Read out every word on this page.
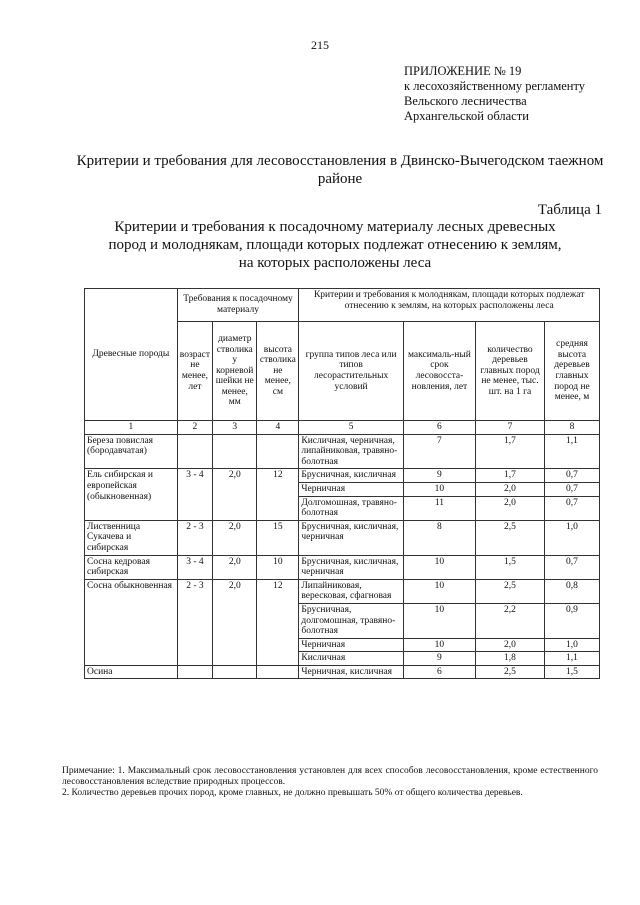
215
ПРИЛОЖЕНИЕ № 19
к лесохозяйственному регламенту
Вельского лесничества
Архангельской области
Критерии и требования для лесовосстановления в Двинско-Вычегодском таежном районе
Таблица 1
Критерии и требования к посадочному материалу лесных древесных пород и молоднякам, площади которых подлежат отнесению к землям, на которых расположены леса
Древесные породы	Требования к посадочному материалу			Критерии и требования к молоднякам, площади которых подлежат отнесению к землям, на которых расположены леса			
	возраст не менее, лет	диаметр стволика у корневой шейки не менее, мм	высота стволика не менее, см	группа типов леса или типов лесорастительных условий	максималь-ный срок лесовосста-новления, лет	количество деревьев главных пород не менее, тыс. шт. на 1 га	средняя высота деревьев главных пород не менее, м
1	2	3	4	5	6	7	8
Береза повислая (бородавчатая)				Кисличная, черничная, липайниковая, травяно-болотная	7	1,7	1,1
Ель сибирская и европейская (обыкновенная)	3 - 4	2,0	12	Брусничная, кисличная	9	1,7	0,7
				Черничная	10	2,0	0,7
				Долгомошная, травяно-болотная	11	2,0	0,7
Лиственница Сукачева и сибирская	2 - 3	2,0	15	Брусничная, кисличная, черничная	8	2,5	1,0
Сосна кедровая сибирская	3 - 4	2,0	10	Брусничная, кисличная, черничная	10	1,5	0,7
Сосна обыкновенная	2 - 3	2,0	12	Липайниковая, вересковая, сфагновая	10	2,5	0,8
				Брусничная, долгомошная, травяно-болотная	10	2,2	0,9
				Черничная	10	2,0	1,0
				Кисличная	9	1,8	1,1
Осина				Черничная, кисличная	6	2,5	1,5

Примечание: 1. Максимальный срок лесовосстановления установлен для всех способов лесовосстановления, кроме естественного лесовосстановления вследствие природных процессов.

2. Количество деревьев прочих пород, кроме главных, не должно превышать 50% от общего количества деревьев.
